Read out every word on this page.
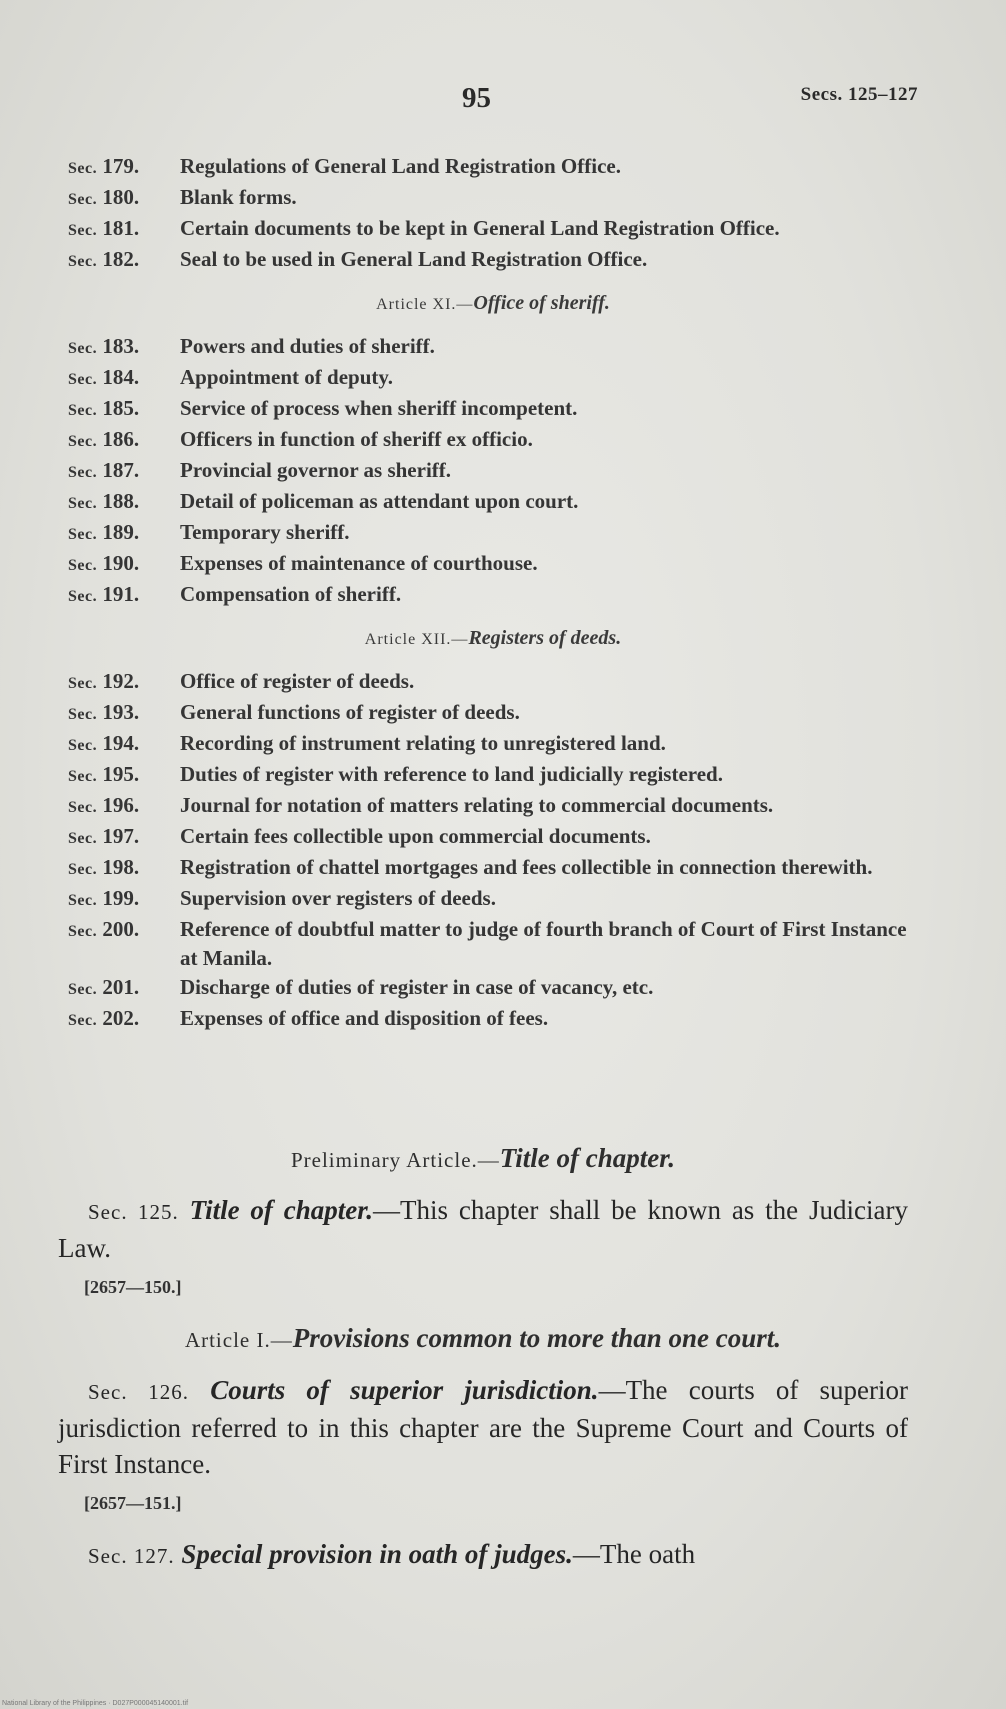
95	Secs. 125–127
Sec. 179.	Regulations of General Land Registration Office.
Sec. 180.	Blank forms.
Sec. 181.	Certain documents to be kept in General Land Registration Office.
Sec. 182.	Seal to be used in General Land Registration Office.
Article XI.—Office of sheriff.
Sec. 183.	Powers and duties of sheriff.
Sec. 184.	Appointment of deputy.
Sec. 185.	Service of process when sheriff incompetent.
Sec. 186.	Officers in function of sheriff ex officio.
Sec. 187.	Provincial governor as sheriff.
Sec. 188.	Detail of policeman as attendant upon court.
Sec. 189.	Temporary sheriff.
Sec. 190.	Expenses of maintenance of courthouse.
Sec. 191.	Compensation of sheriff.
Article XII.—Registers of deeds.
Sec. 192.	Office of register of deeds.
Sec. 193.	General functions of register of deeds.
Sec. 194.	Recording of instrument relating to unregistered land.
Sec. 195.	Duties of register with reference to land judicially registered.
Sec. 196.	Journal for notation of matters relating to commercial documents.
Sec. 197.	Certain fees collectible upon commercial documents.
Sec. 198.	Registration of chattel mortgages and fees collectible in connection therewith.
Sec. 199.	Supervision over registers of deeds.
Sec. 200.	Reference of doubtful matter to judge of fourth branch of Court of First Instance at Manila.
Sec. 201.	Discharge of duties of register in case of vacancy, etc.
Sec. 202.	Expenses of office and disposition of fees.
Preliminary Article.—Title of chapter.

Sec. 125. Title of chapter.—This chapter shall be known as the Judiciary Law.

[2657—150.]
Article I.—Provisions common to more than one court.

Sec. 126. Courts of superior jurisdiction.—The courts of superior jurisdiction referred to in this chapter are the Supreme Court and Courts of First Instance.

[2657—151.]

Sec. 127. Special provision in oath of judges.—The oath

National Library of the Philippines · D027P000045140001.tif
